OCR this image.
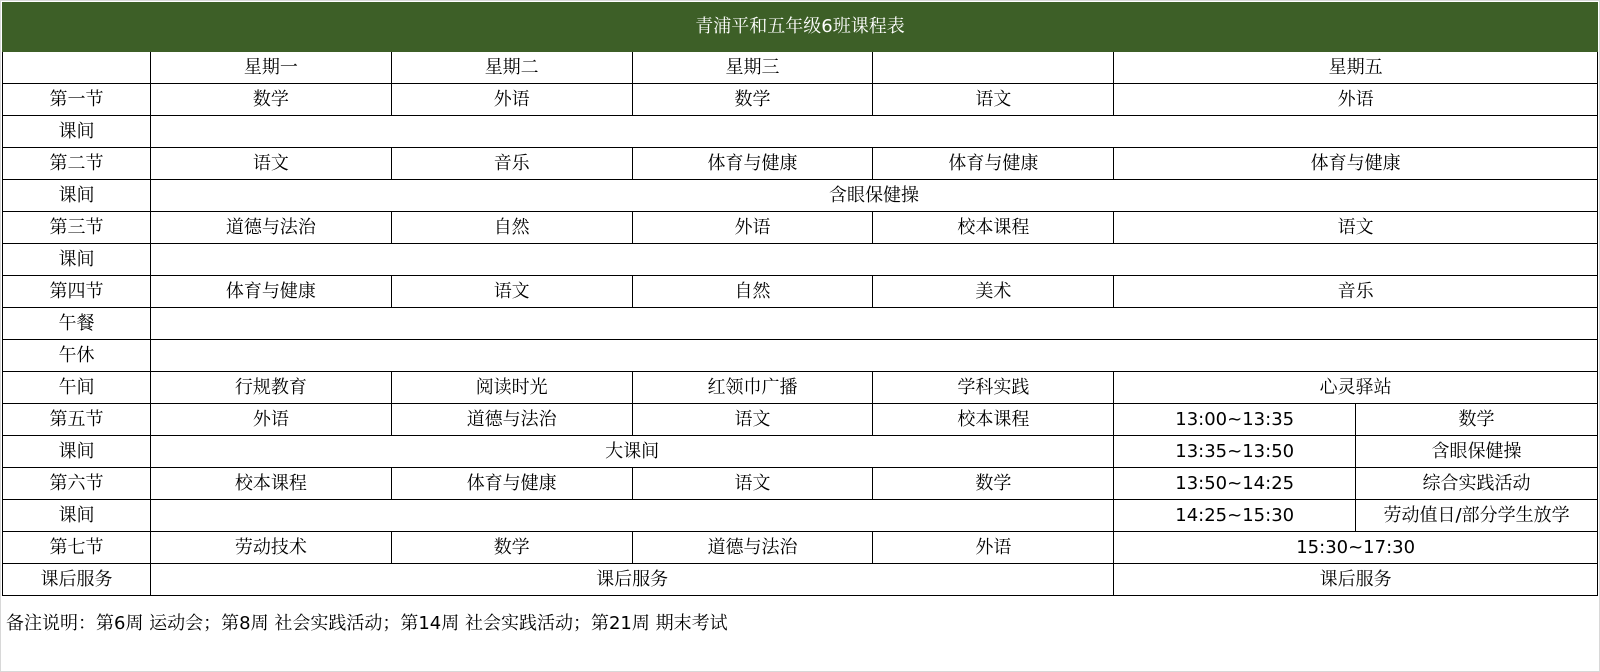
青浦平和五年级6班课程表						
	星期一	星期二	星期三		星期五	
第一节	数学	外语	数学	语文	外语	
课间						
第二节	语文	音乐	体育与健康	体育与健康	体育与健康	
课间	含眼保健操					
第三节	道德与法治	自然	外语	校本课程	语文	
课间						
第四节	体育与健康	语文	自然	美术	音乐	
午餐						
午休						
午间	行规教育	阅读时光	红领巾广播	学科实践	心灵驿站	
第五节	外语	道德与法治	语文	校本课程	13:00~13:35	数学
课间	大课间				13:35~13:50	含眼保健操
第六节	校本课程	体育与健康	语文	数学	13:50~14:25	综合实践活动
课间					14:25~15:30	劳动值日/部分学生放学
第七节	劳动技术	数学	道德与法治	外语	15:30~17:30	
课后服务	课后服务				课后服务	
备注说明：第6周 运动会；第8周 社会实践活动；第14周 社会实践活动；第21周 期末考试
